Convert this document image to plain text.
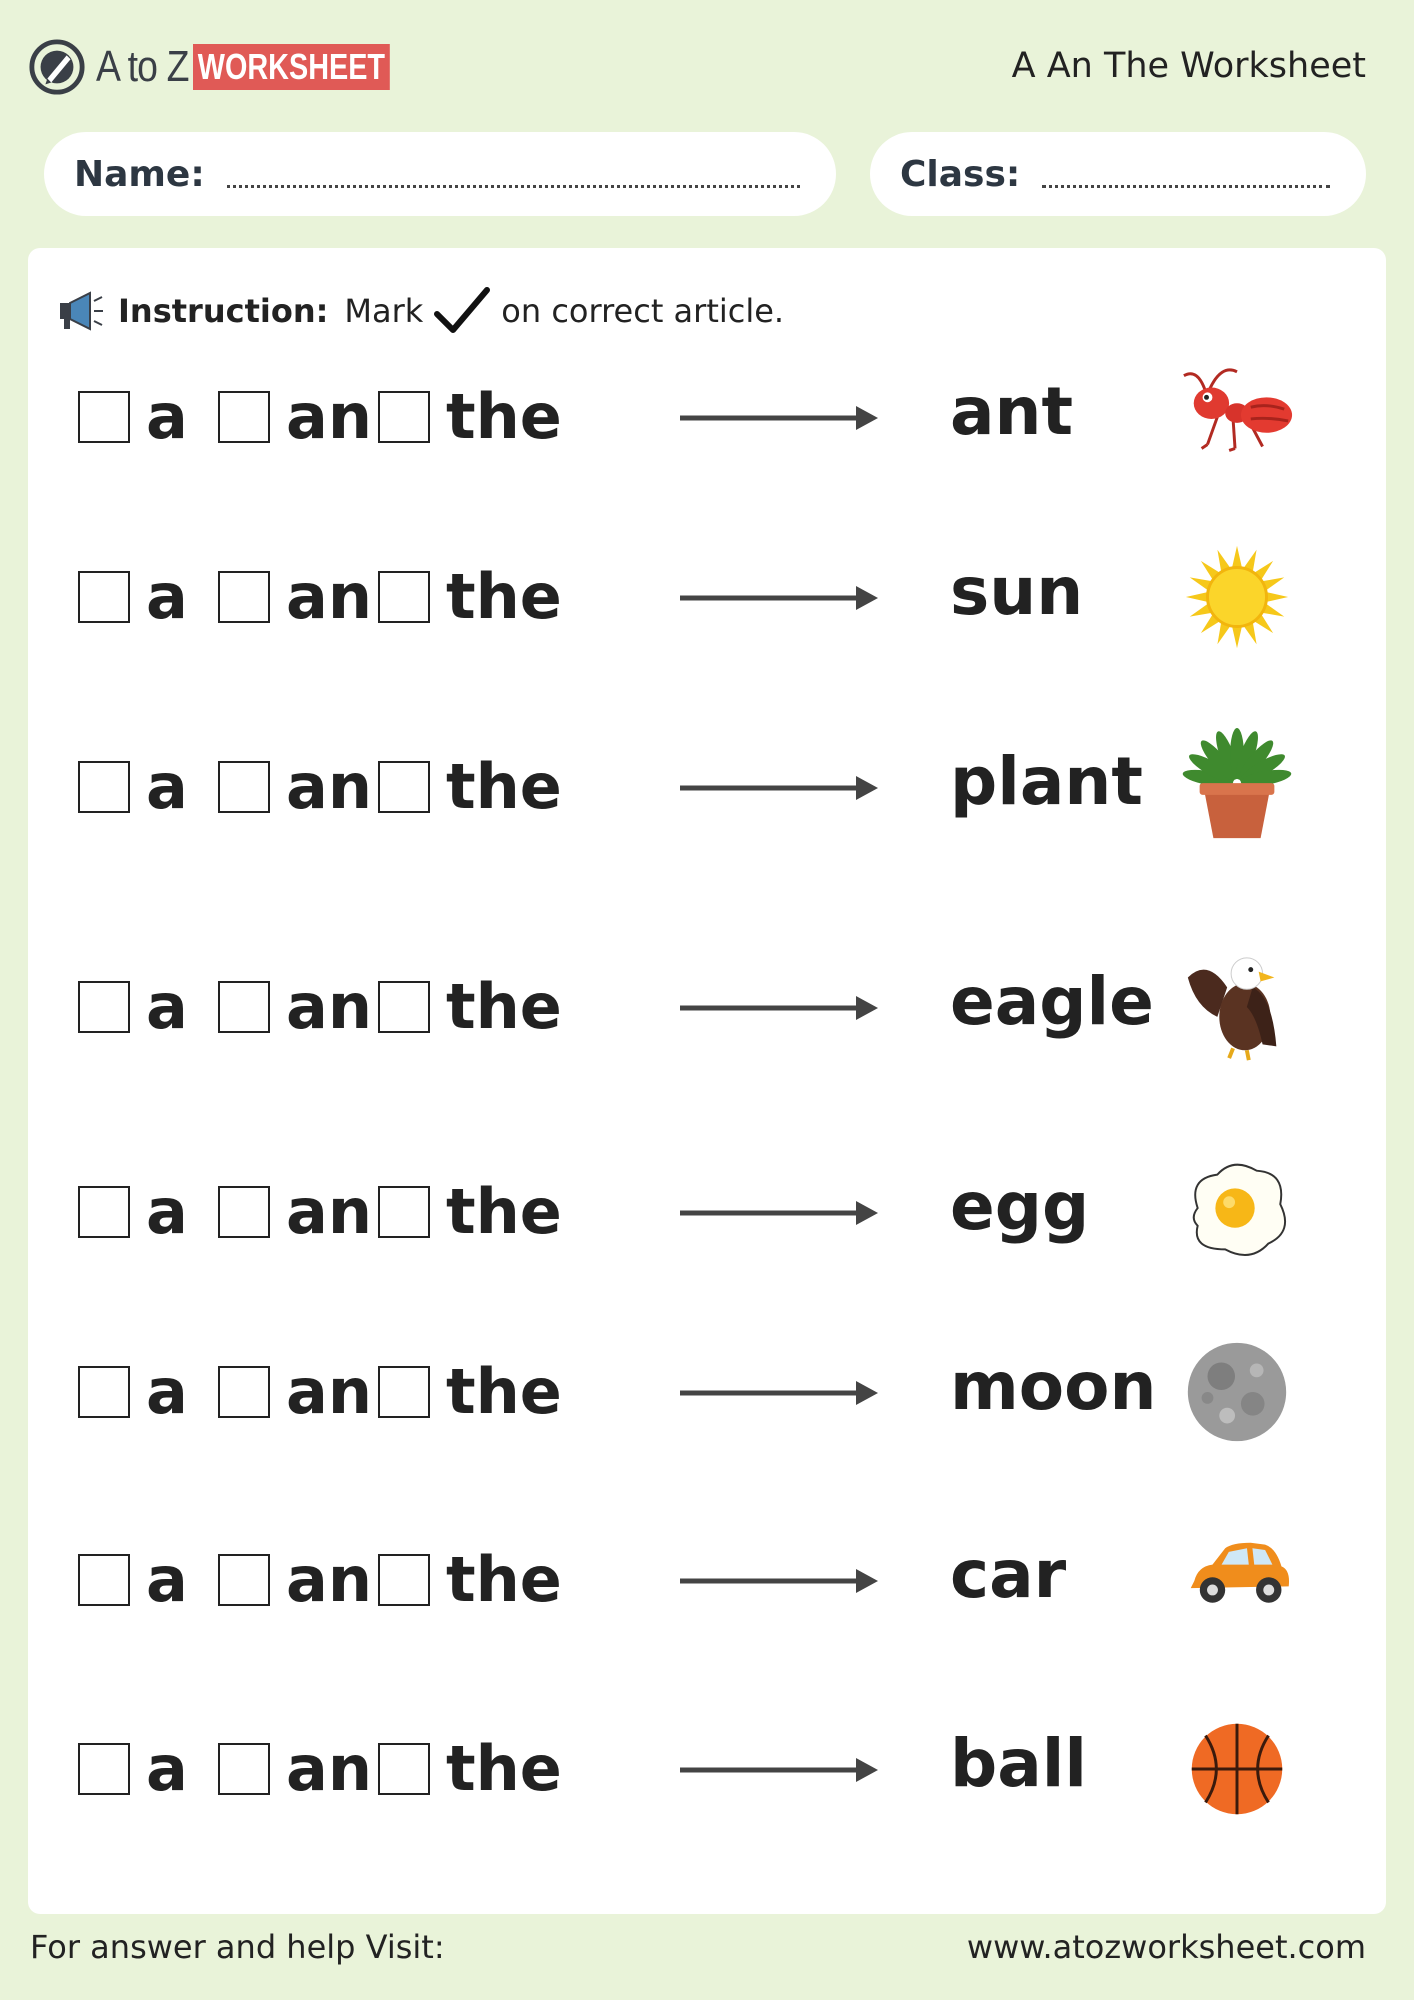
A to Z WORKSHEET	A An The Worksheet
Name:	Class:
Instruction: Mark on correct article.
a an the	ant
a an the	sun
a an the	plant
a an the	eagle
a an the	egg
a an the	moon
a an the	car
a an the	ball
For answer and help Visit:	www.atozworksheet.com
